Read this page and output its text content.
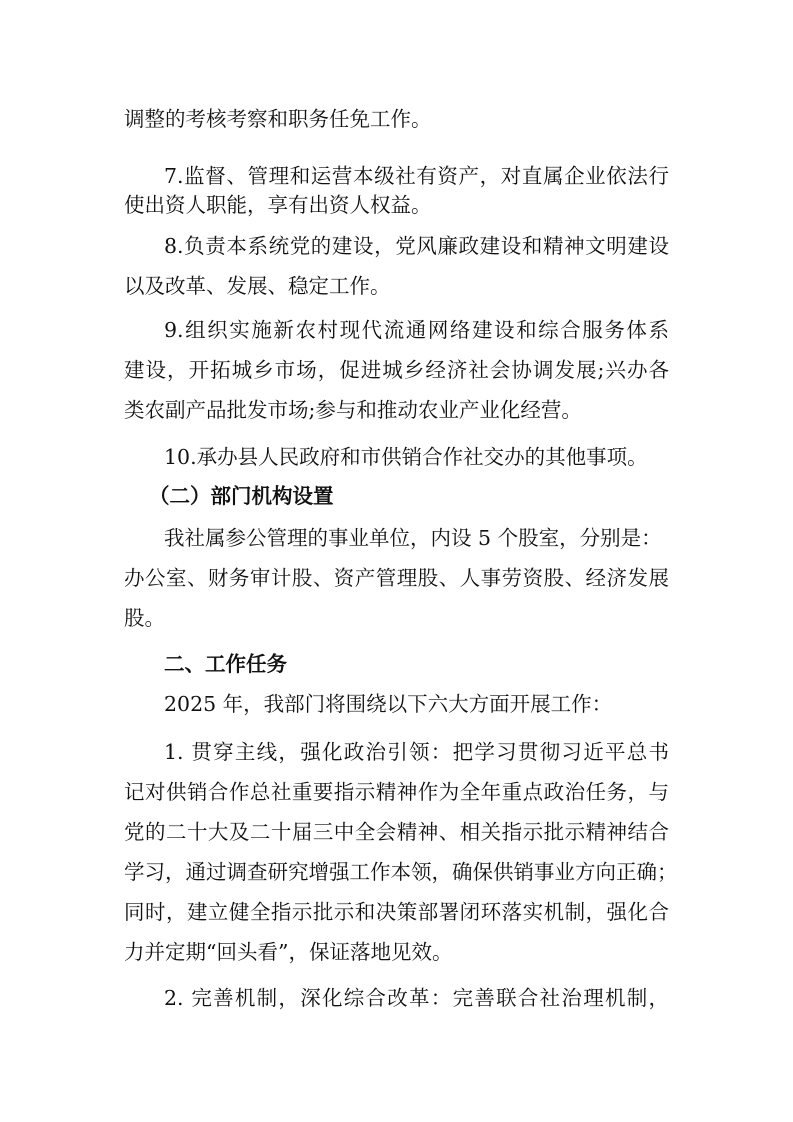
调整的考核考察和职务任免工作。
7.监督、管理和运营本级社有资产，对直属企业依法行
使出资人职能，享有出资人权益。
8.负责本系统党的建设，党风廉政建设和精神文明建设
以及改革、发展、稳定工作。
9.组织实施新农村现代流通网络建设和综合服务体系
建设，开拓城乡市场，促进城乡经济社会协调发展;兴办各
类农副产品批发市场;参与和推动农业产业化经营。
10.承办县人民政府和市供销合作社交办的其他事项。
（二）部门机构设置
我社属参公管理的事业单位，内设 5 个股室，分别是：
办公室、财务审计股、资产管理股、人事劳资股、经济发展
股。
二、工作任务
2025 年，我部门将围绕以下六大方面开展工作：
1. 贯穿主线，强化政治引领：把学习贯彻习近平总书
记对供销合作总社重要指示精神作为全年重点政治任务，与
党的二十大及二十届三中全会精神、相关指示批示精神结合
学习，通过调查研究增强工作本领，确保供销事业方向正确；
同时，建立健全指示批示和决策部署闭环落实机制，强化合
力并定期“回头看”，保证落地见效。
2. 完善机制，深化综合改革：完善联合社治理机制，
